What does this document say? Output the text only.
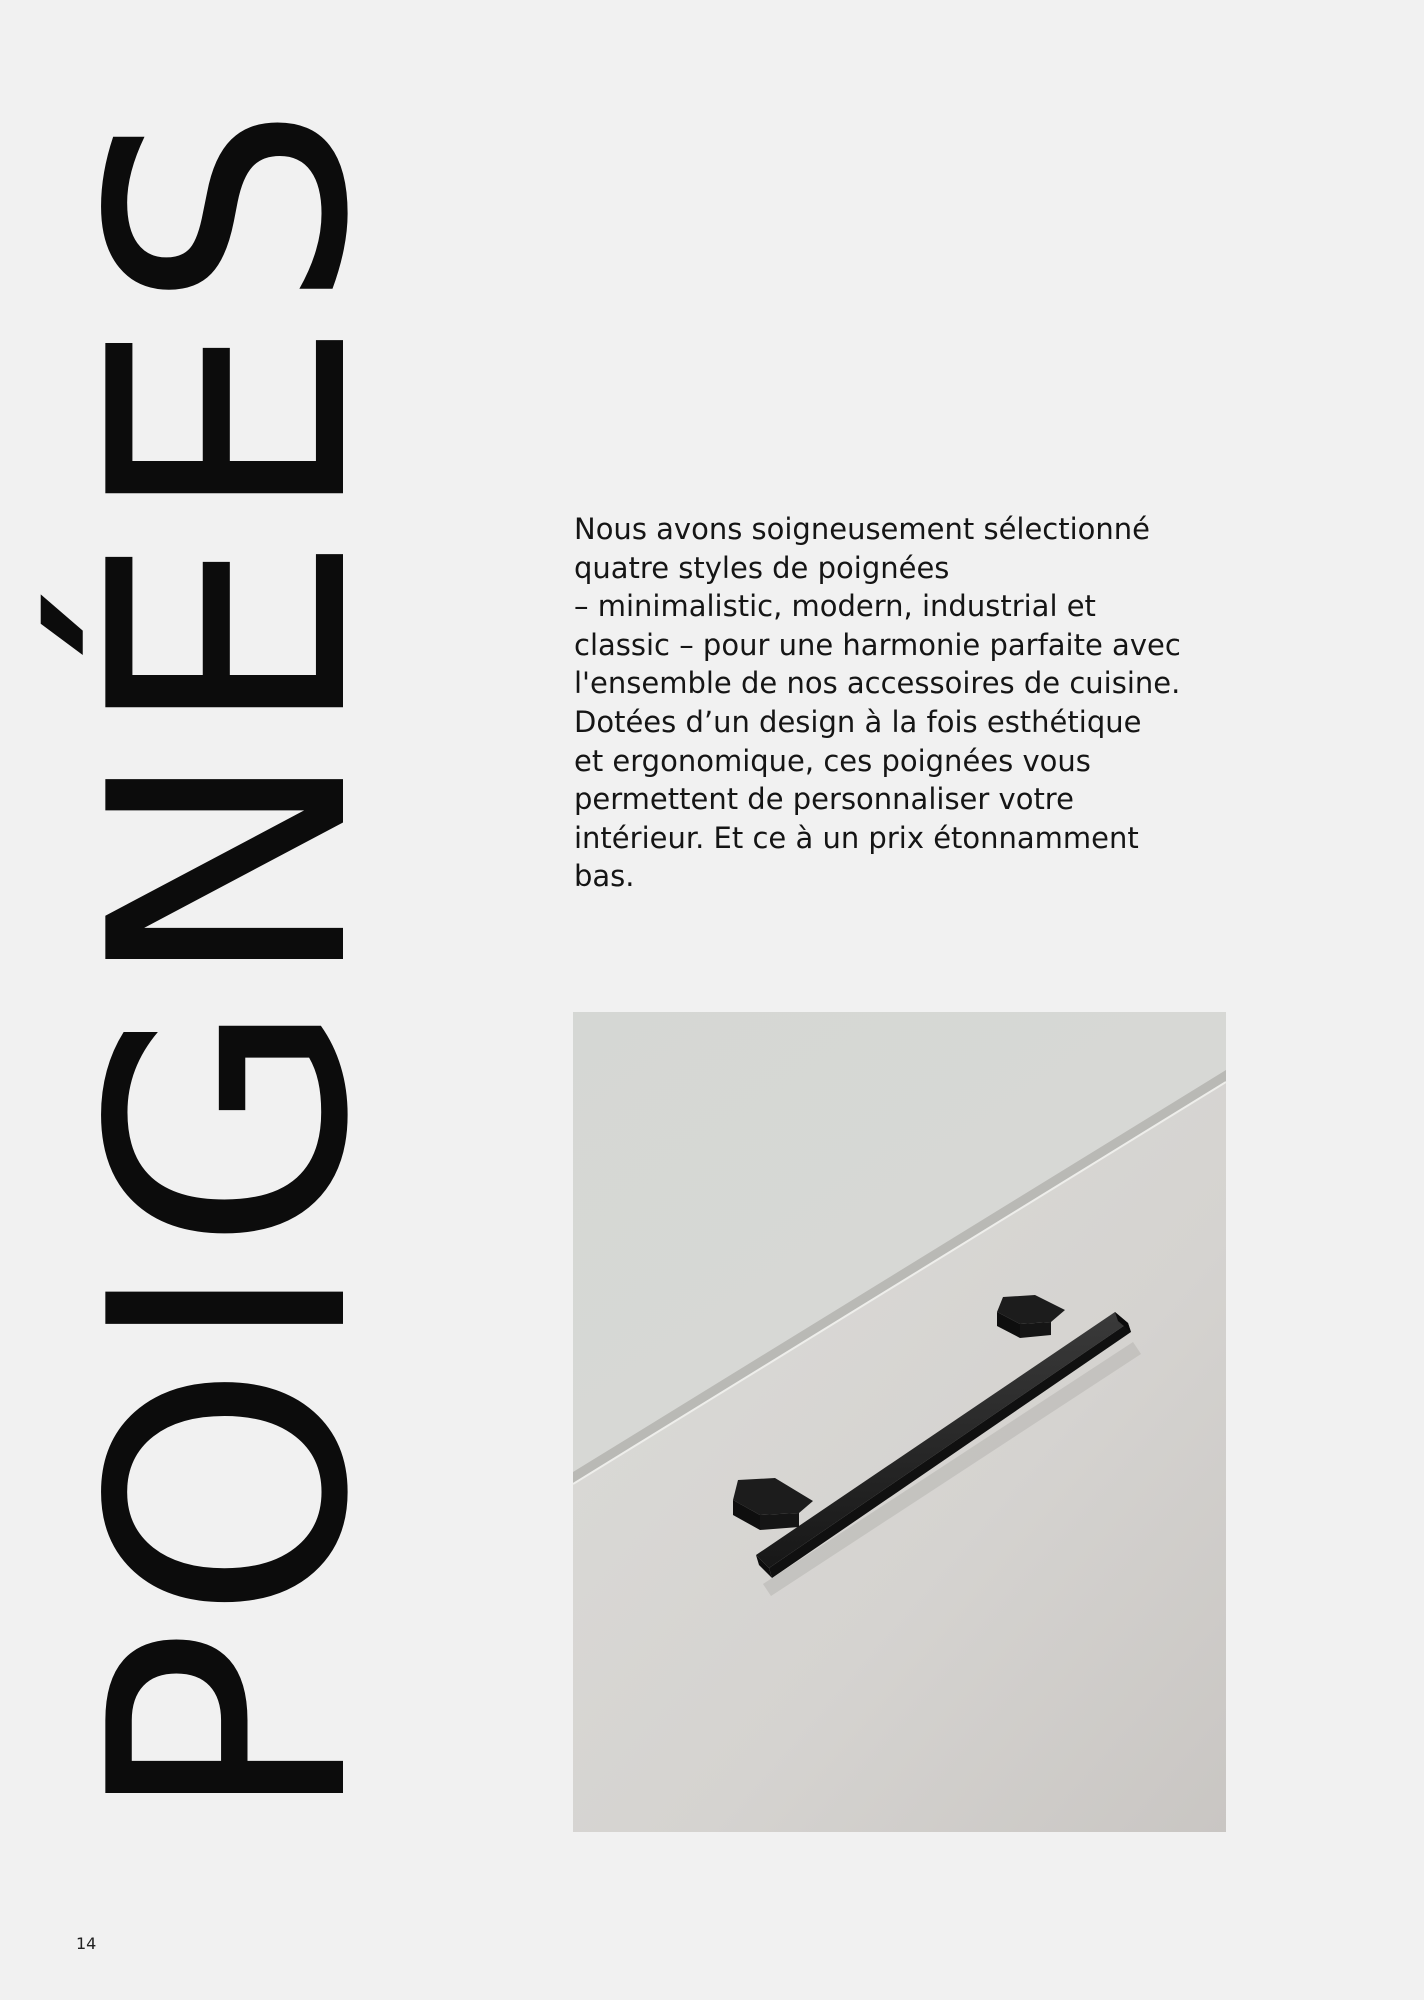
POIGNÉES	Nous avons soigneusement sélectionné

quatre styles de poignées

– minimalistic, modern, industrial et

classic – pour une harmonie parfaite avec

l'ensemble de nos accessoires de cuisine.

Dotées d’un design à la fois esthétique

et ergonomique, ces poignées vous

permettent de personnaliser votre

intérieur. Et ce à un prix étonnamment

bas.

14
